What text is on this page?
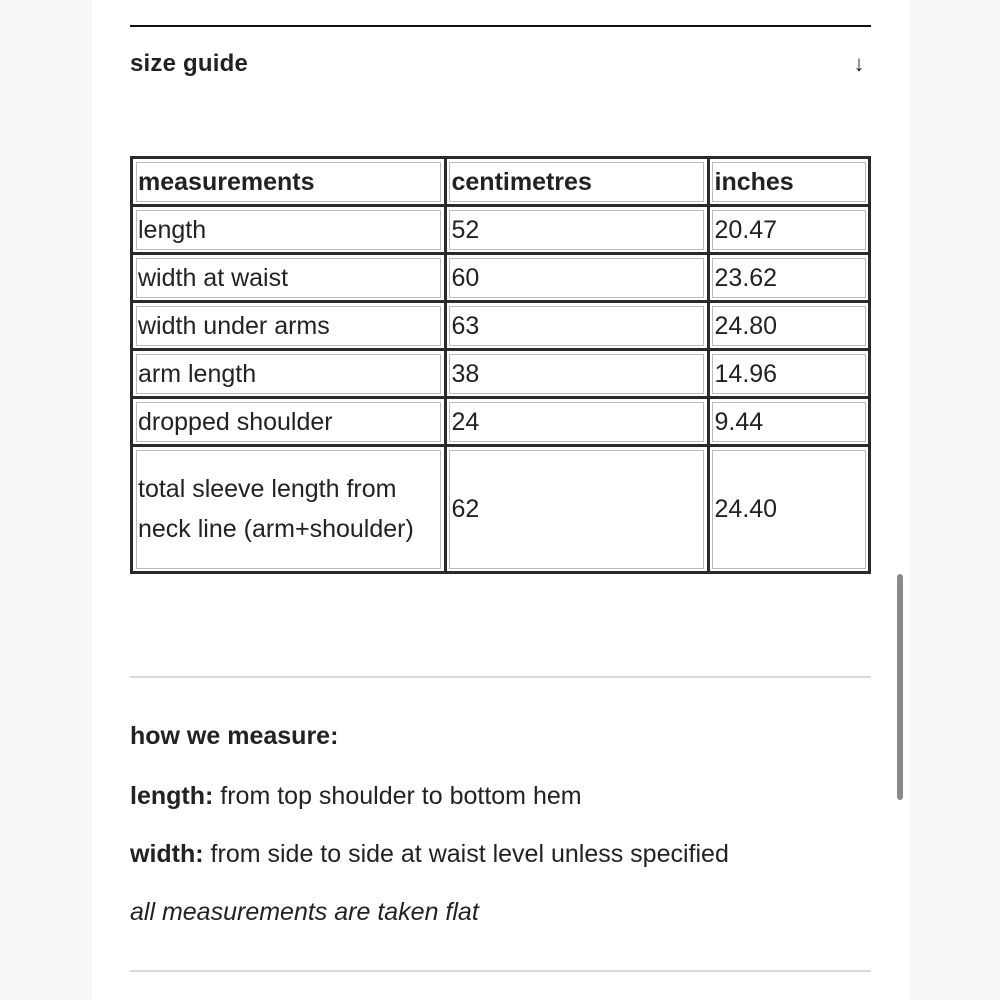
size guide	↓
measurements	centimetres	inches
length	52	20.47
width at waist	60	23.62
width under arms	63	24.80
arm length	38	14.96
dropped shoulder	24	9.44
total sleeve length from neck line (arm+shoulder)	62	24.40
how we measure:
length: from top shoulder to bottom hem
width: from side to side at waist level unless specified
all measurements are taken flat
